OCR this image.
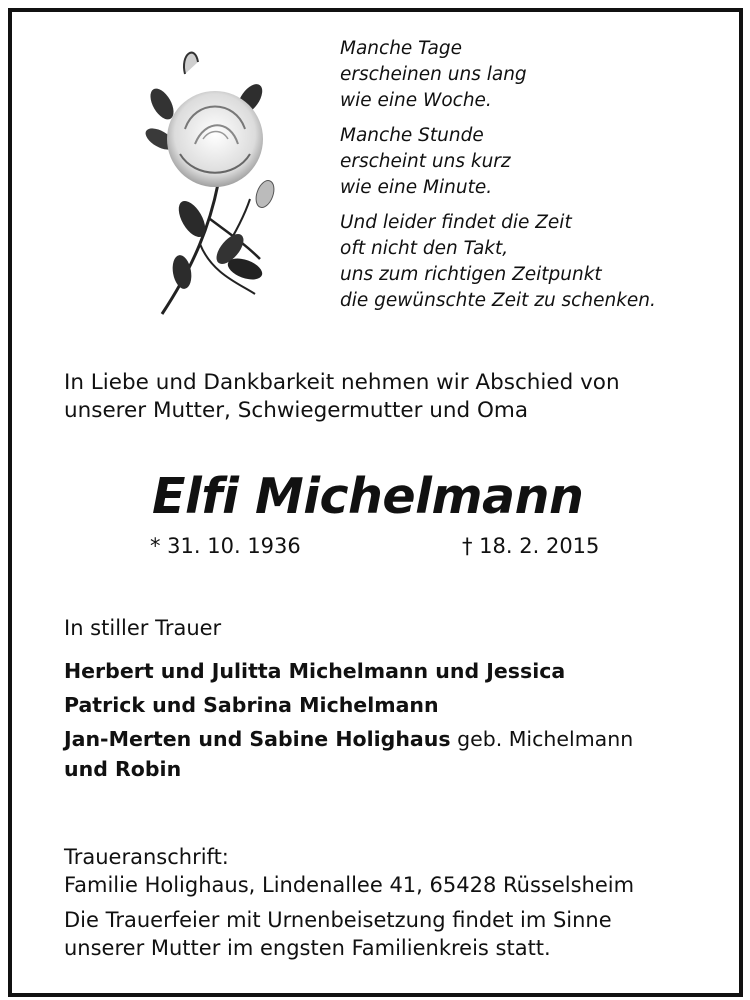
Manche Tage
erscheinen uns lang
wie eine Woche.
Manche Stunde
erscheint uns kurz
wie eine Minute.
Und leider findet die Zeit
oft nicht den Takt,
uns zum richtigen Zeitpunkt
die gewünschte Zeit zu schenken.
In Liebe und Dankbarkeit nehmen wir Abschied von
unserer Mutter, Schwiegermutter und Oma
Elfi Michelmann
* 31. 10. 1936	† 18. 2. 2015
In stiller Trauer
Herbert und Julitta Michelmann und Jessica
Patrick und Sabrina Michelmann
Jan-Merten und Sabine Holighaus geb. Michelmann
und Robin
Traueranschrift:
Familie Holighaus, Lindenallee 41, 65428 Rüsselsheim
Die Trauerfeier mit Urnenbeisetzung findet im Sinne
unserer Mutter im engsten Familienkreis statt.
